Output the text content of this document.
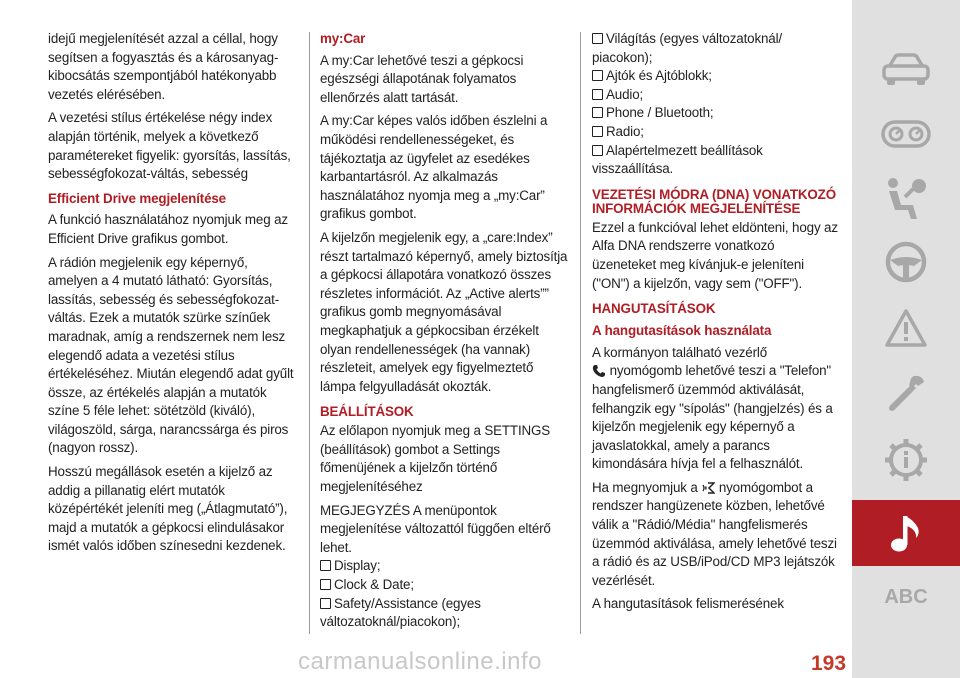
idejű megjelenítését azzal a céllal, hogy segítsen a fogyasztás és a károsanyag-kibocsátás szempontjából hatékonyabb vezetés elérésében.

A vezetési stílus értékelése négy index alapján történik, melyek a következő paramétereket figyelik: gyorsítás, lassítás, sebességfokozat-váltás, sebesség

Efficient Drive megjelenítése

A funkció használatához nyomjuk meg az Efficient Drive grafikus gombot.

A rádión megjelenik egy képernyő, amelyen a 4 mutató látható: Gyorsítás, lassítás, sebesség és sebességfokozat-váltás. Ezek a mutatók szürke színűek maradnak, amíg a rendszernek nem lesz elegendő adata a vezetési stílus értékeléséhez. Miután elegendő adat gyűlt össze, az értékelés alapján a mutatók színe 5 féle lehet: sötétzöld (kiváló), világoszöld, sárga, narancssárga és piros (nagyon rossz).

Hosszú megállások esetén a kijelző az addig a pillanatig elért mutatók középértékét jeleníti meg („Átlagmutató”), majd a mutatók a gépkocsi elindulásakor ismét valós időben színesedni kezdenek.

my:Car

A my:Car lehetővé teszi a gépkocsi egészségi állapotának folyamatos ellenőrzés alatt tartását.

A my:Car képes valós időben észlelni a működési rendellenességeket, és tájékoztatja az ügyfelet az esedékes karbantartásról. Az alkalmazás használatához nyomja meg a „my:Car” grafikus gombot.

A kijelzőn megjelenik egy, a „care:Index” részt tartalmazó képernyő, amely biztosítja a gépkocsi állapotára vonatkozó összes részletes információt. Az „Active alerts”” grafikus gomb megnyomásával megkaphatjuk a gépkocsiban érzékelt olyan rendellenességek (ha vannak) részleteit, amelyek egy figyelmeztető lámpa felgyulladását okozták.

BEÁLLÍTÁSOK

Az előlapon nyomjuk meg a SETTINGS (beállítások) gombot a Settings főmenüjének a kijelzőn történő megjelenítéséhez

MEGJEGYZÉS A menüpontok megjelenítése változattól függően eltérő lehet.

Display;
Clock & Date;
Safety/Assistance (egyes változatoknál/piacokon);
Világítás (egyes változatoknál/ piacokon);
Ajtók és Ajtóblokk;
Audio;
Phone / Bluetooth;
Radio;
Alapértelmezett beállítások visszaállítása.
VEZETÉSI MÓDRA (DNA) VONATKOZÓ INFORMÁCIÓK MEGJELENÍTÉSE

Ezzel a funkcióval lehet eldönteni, hogy az Alfa DNA rendszerre vonatkozó üzeneteket meg kívánjuk-e jeleníteni ("ON") a kijelzőn, vagy sem ("OFF").

HANGUTASÍTÁSOK
A hangutasítások használata

A kormányon található vezérlő
nyomógomb lehetővé teszi a "Telefon" hangfelismerő üzemmód aktiválását, felhangzik egy "sípolás" (hangjelzés) és a kijelzőn megjelenik egy képernyő a javaslatokkal, amely a parancs kimondására hívja fel a felhasználót.

Ha megnyomjuk a nyomógombot a rendszer hangüzenete közben, lehetővé válik a "Rádió/Média" hangfelismerés üzemmód aktiválása, amely lehetővé teszi a rádió és az USB/iPod/CD MP3 lejátszók vezérlését.

A hangutasítások felismerésének	ABC
carmanualsonline.info	193
